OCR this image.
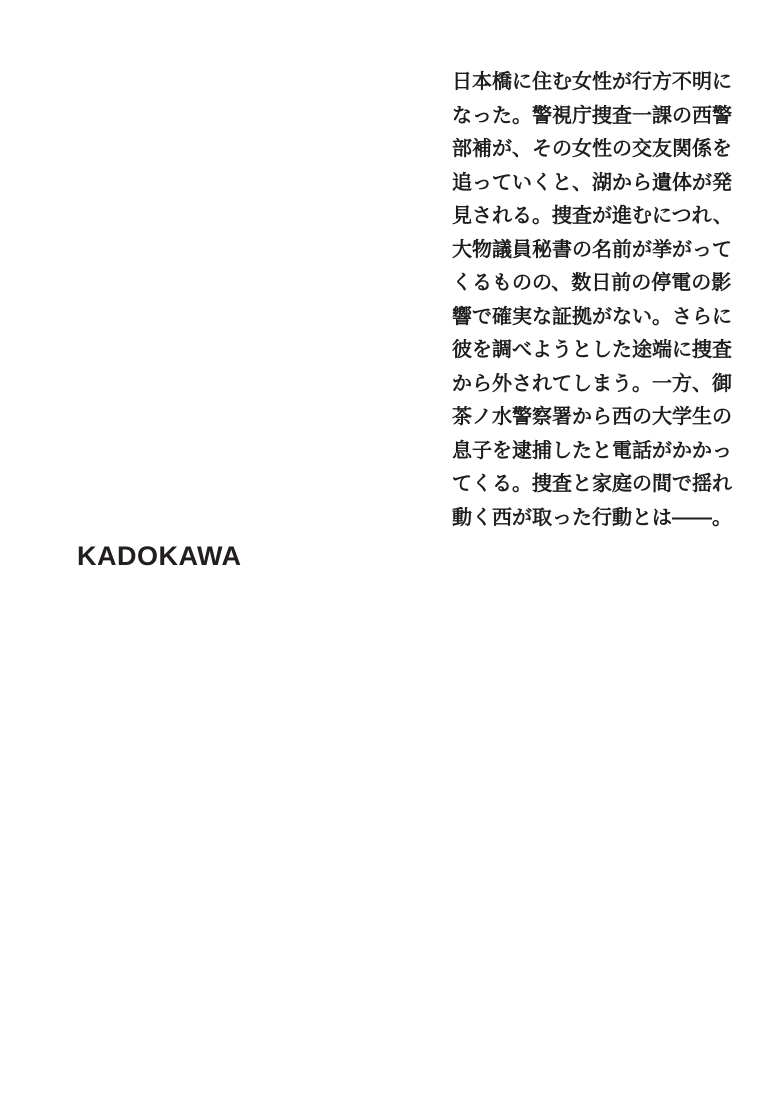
日本橋に住む女性が行方不明に
なった。警視庁捜査一課の西警
部補が、その女性の交友関係を
追っていくと、湖から遺体が発
見される。捜査が進むにつれ、
大物議員秘書の名前が挙がって
くるものの、数日前の停電の影
響で確実な証拠がない。さらに
彼を調べようとした途端に捜査
から外されてしまう。一方、御
茶ノ水警察署から西の大学生の
息子を逮捕したと電話がかかっ
てくる。捜査と家庭の間で揺れ
動く西が取った行動とは――。
KADOKAWA
